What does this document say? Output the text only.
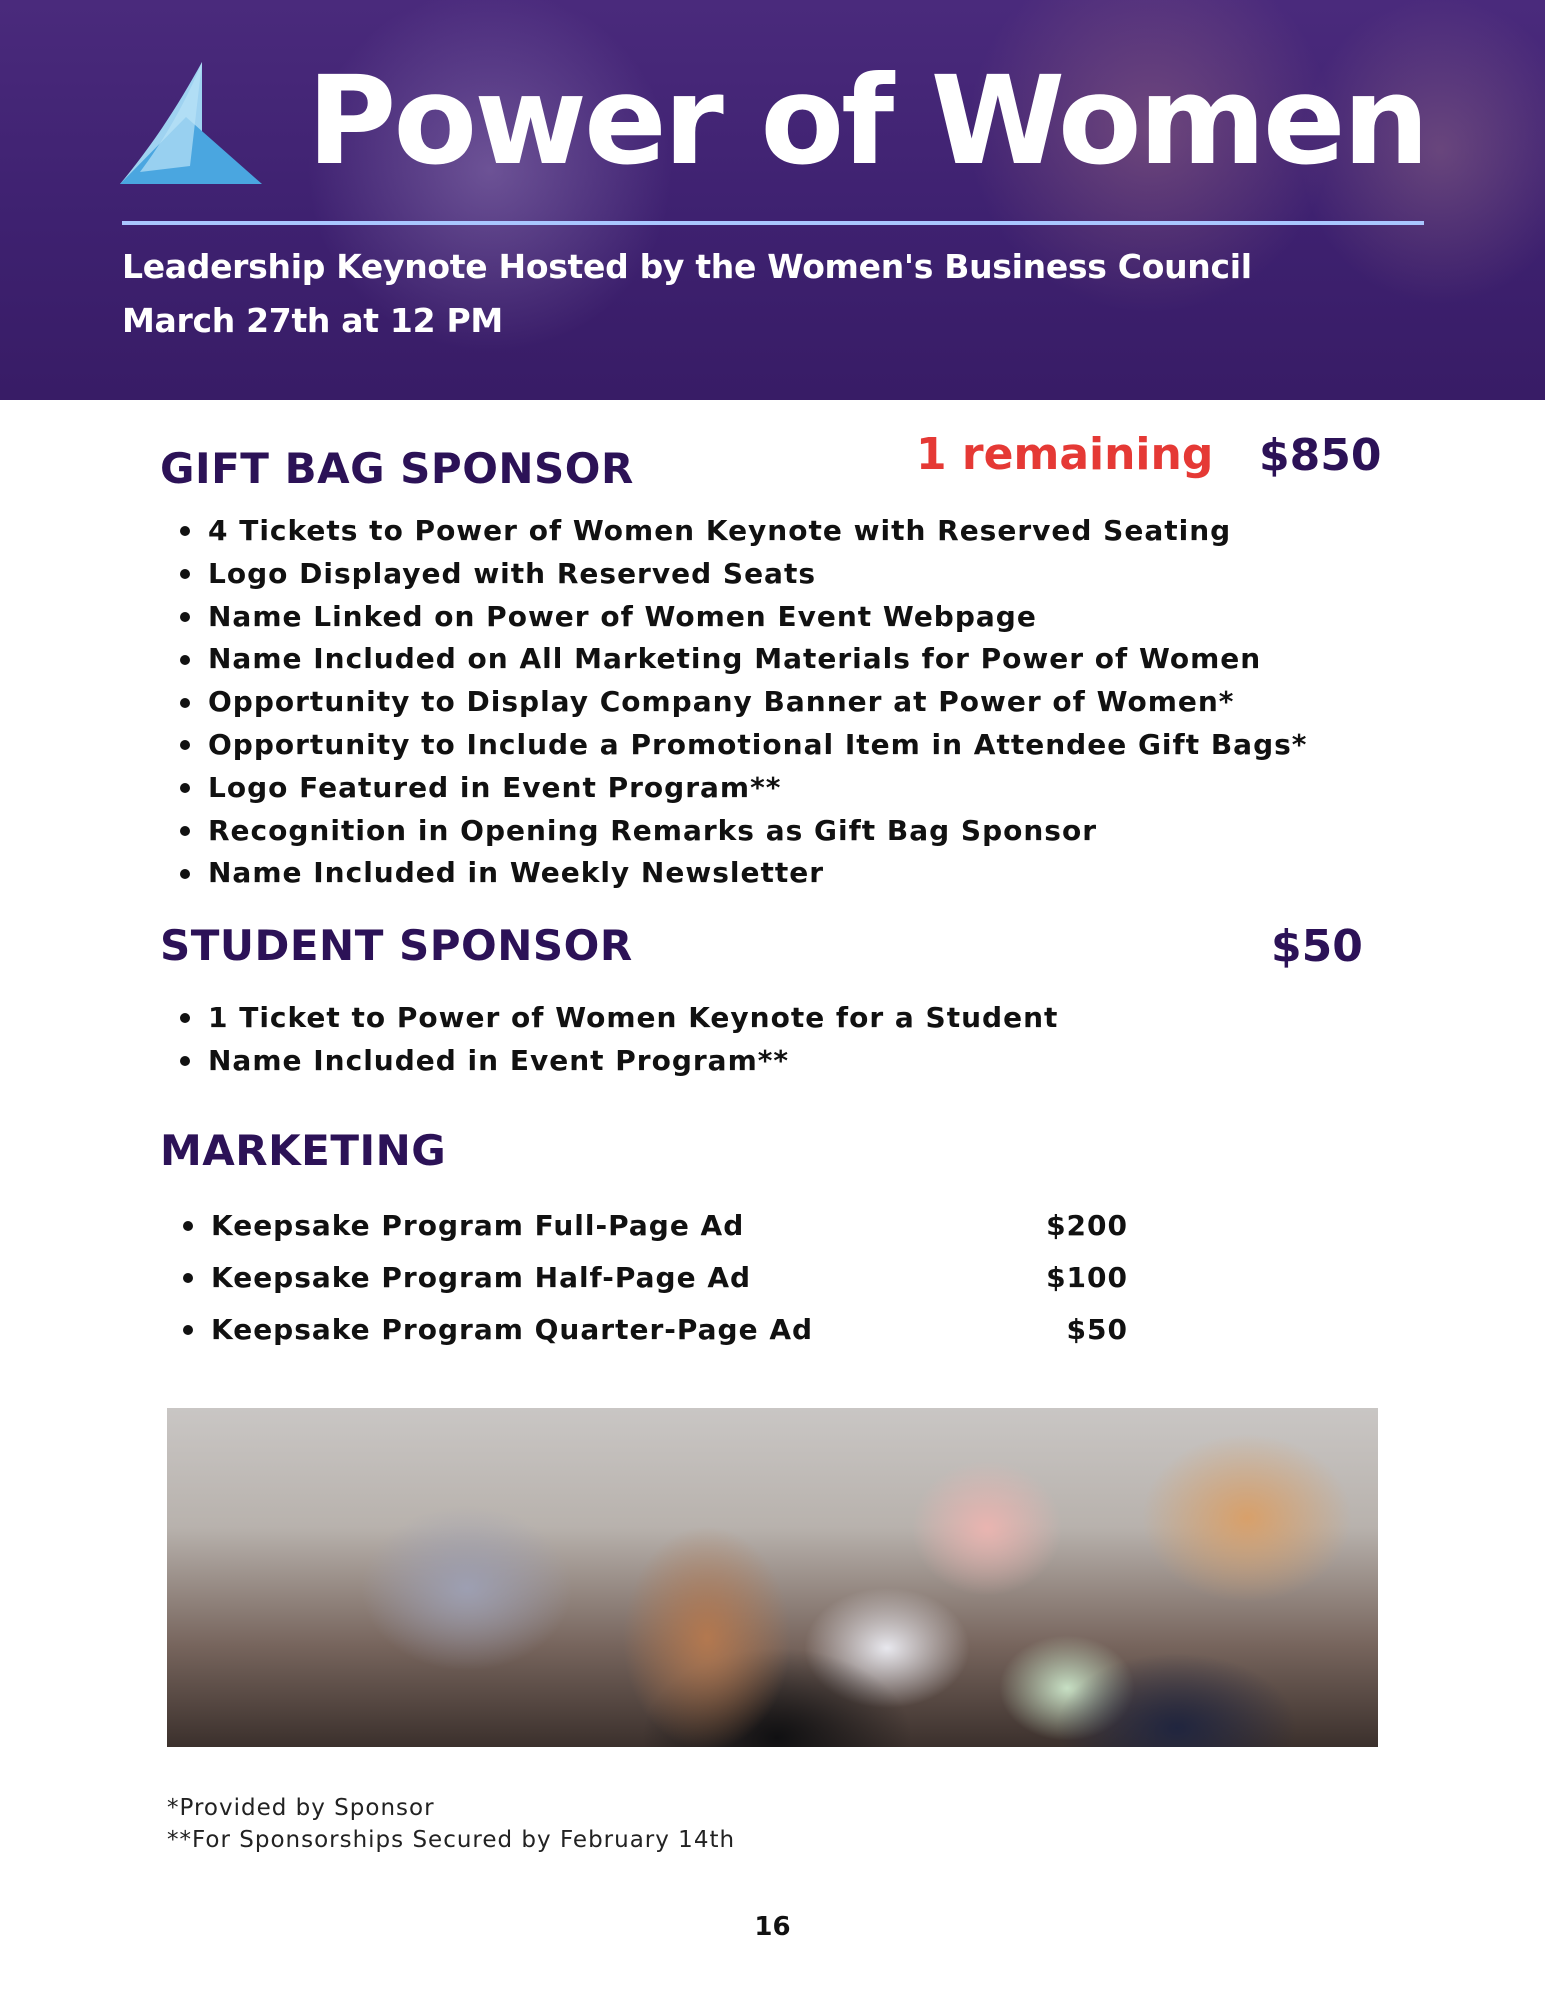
Power of Women
Leadership Keynote Hosted by the Women's Business Council
March 27th at 12 PM
GIFT BAG SPONSOR	1 remaining $850
4 Tickets to Power of Women Keynote with Reserved Seating
Logo Displayed with Reserved Seats
Name Linked on Power of Women Event Webpage
Name Included on All Marketing Materials for Power of Women
Opportunity to Display Company Banner at Power of Women*
Opportunity to Include a Promotional Item in Attendee Gift Bags*
Logo Featured in Event Program**
Recognition in Opening Remarks as Gift Bag Sponsor
Name Included in Weekly Newsletter
STUDENT SPONSOR	$50
1 Ticket to Power of Women Keynote for a Student
Name Included in Event Program**
MARKETING
Keepsake Program Full-Page Ad	$200
Keepsake Program Half-Page Ad	$100
Keepsake Program Quarter-Page Ad	$50
*Provided by Sponsor
**For Sponsorships Secured by February 14th
16
